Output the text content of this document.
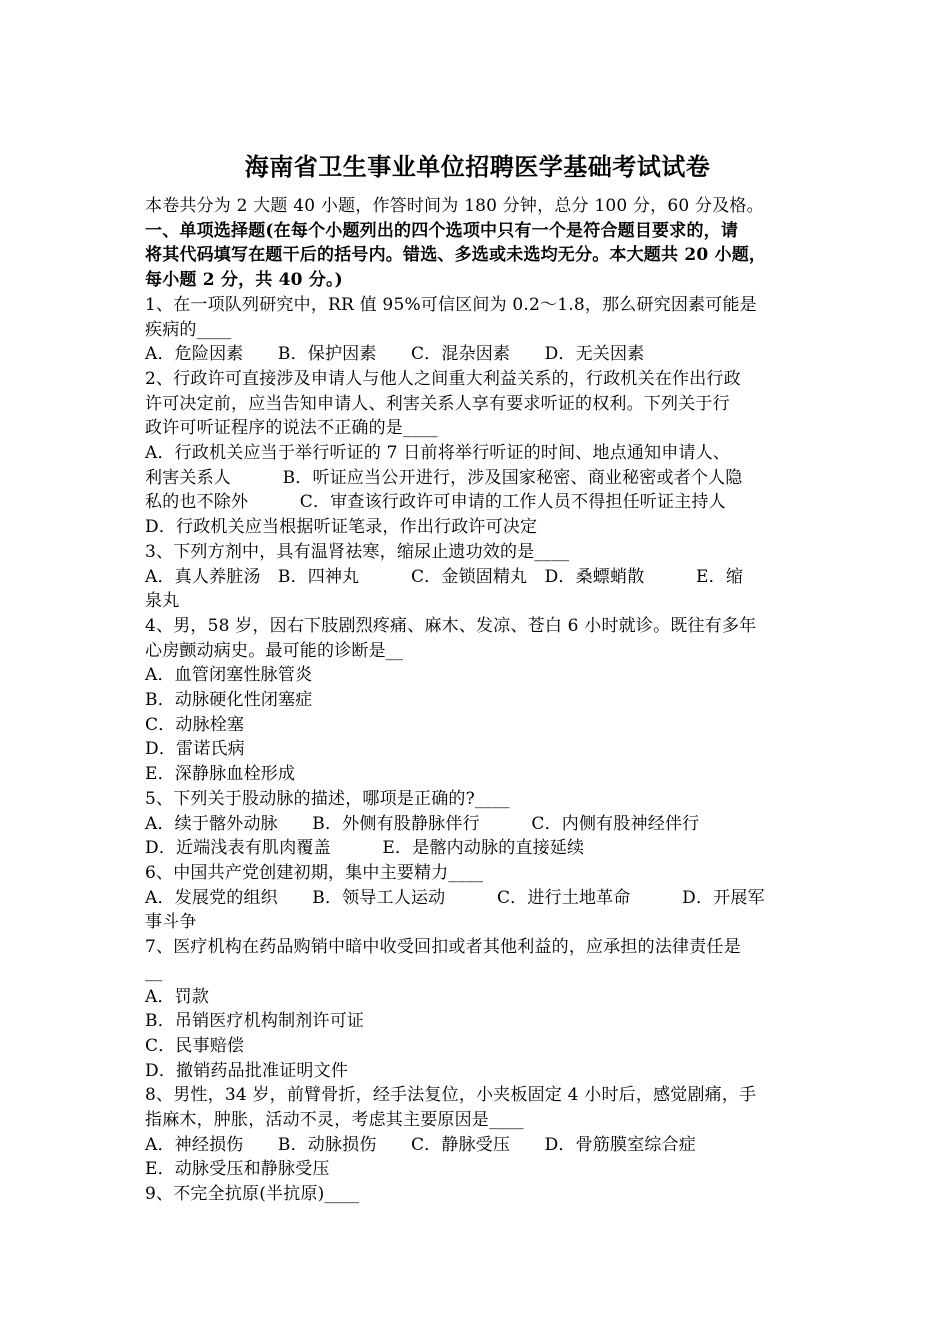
海南省卫生事业单位招聘医学基础考试试卷
本卷共分为 2 大题 40 小题，作答时间为 180 分钟，总分 100 分，60 分及格。
一、单项选择题(在每个小题列出的四个选项中只有一个是符合题目要求的，请
将其代码填写在题干后的括号内。错选、多选或未选均无分。本大题共 20 小题，
每小题 2 分，共 40 分。)
1、在一项队列研究中，RR 值 95%可信区间为 0.2～1.8，那么研究因素可能是
疾病的____
A．危险因素　　B．保护因素　　C．混杂因素　　D．无关因素
2、行政许可直接涉及申请人与他人之间重大利益关系的，行政机关在作出行政
许可决定前，应当告知申请人、利害关系人享有要求听证的权利。下列关于行
政许可听证程序的说法不正确的是____
A．行政机关应当于举行听证的 7 日前将举行听证的时间、地点通知申请人、
利害关系人　　　B．听证应当公开进行，涉及国家秘密、商业秘密或者个人隐
私的也不除外　　　C．审查该行政许可申请的工作人员不得担任听证主持人
D．行政机关应当根据听证笔录，作出行政许可决定
3、下列方剂中，具有温肾祛寒，缩尿止遗功效的是____
A．真人养脏汤　B．四神丸　　　C．金锁固精丸　D．桑螵蛸散　　　E．缩
泉丸
4、男，58 岁，因右下肢剧烈疼痛、麻木、发凉、苍白 6 小时就诊。既往有多年
心房颤动病史。最可能的诊断是__
A．血管闭塞性脉管炎
B．动脉硬化性闭塞症
C．动脉栓塞
D．雷诺氏病
E．深静脉血栓形成
5、下列关于股动脉的描述，哪项是正确的?____
A．续于髂外动脉　　B．外侧有股静脉伴行　　　C．内侧有股神经伴行
D．近端浅表有肌肉覆盖　　　E．是髂内动脉的直接延续
6、中国共产党创建初期，集中主要精力____
A．发展党的组织　　B．领导工人运动　　　C．进行土地革命　　　D．开展军
事斗争
7、医疗机构在药品购销中暗中收受回扣或者其他利益的，应承担的法律责任是
__
A．罚款
B．吊销医疗机构制剂许可证
C．民事赔偿
D．撤销药品批准证明文件
8、男性，34 岁，前臂骨折，经手法复位，小夹板固定 4 小时后，感觉剧痛，手
指麻木，肿胀，活动不灵，考虑其主要原因是____
A．神经损伤　　B．动脉损伤　　C．静脉受压　　D．骨筋膜室综合症
E．动脉受压和静脉受压
9、不完全抗原(半抗原)____
